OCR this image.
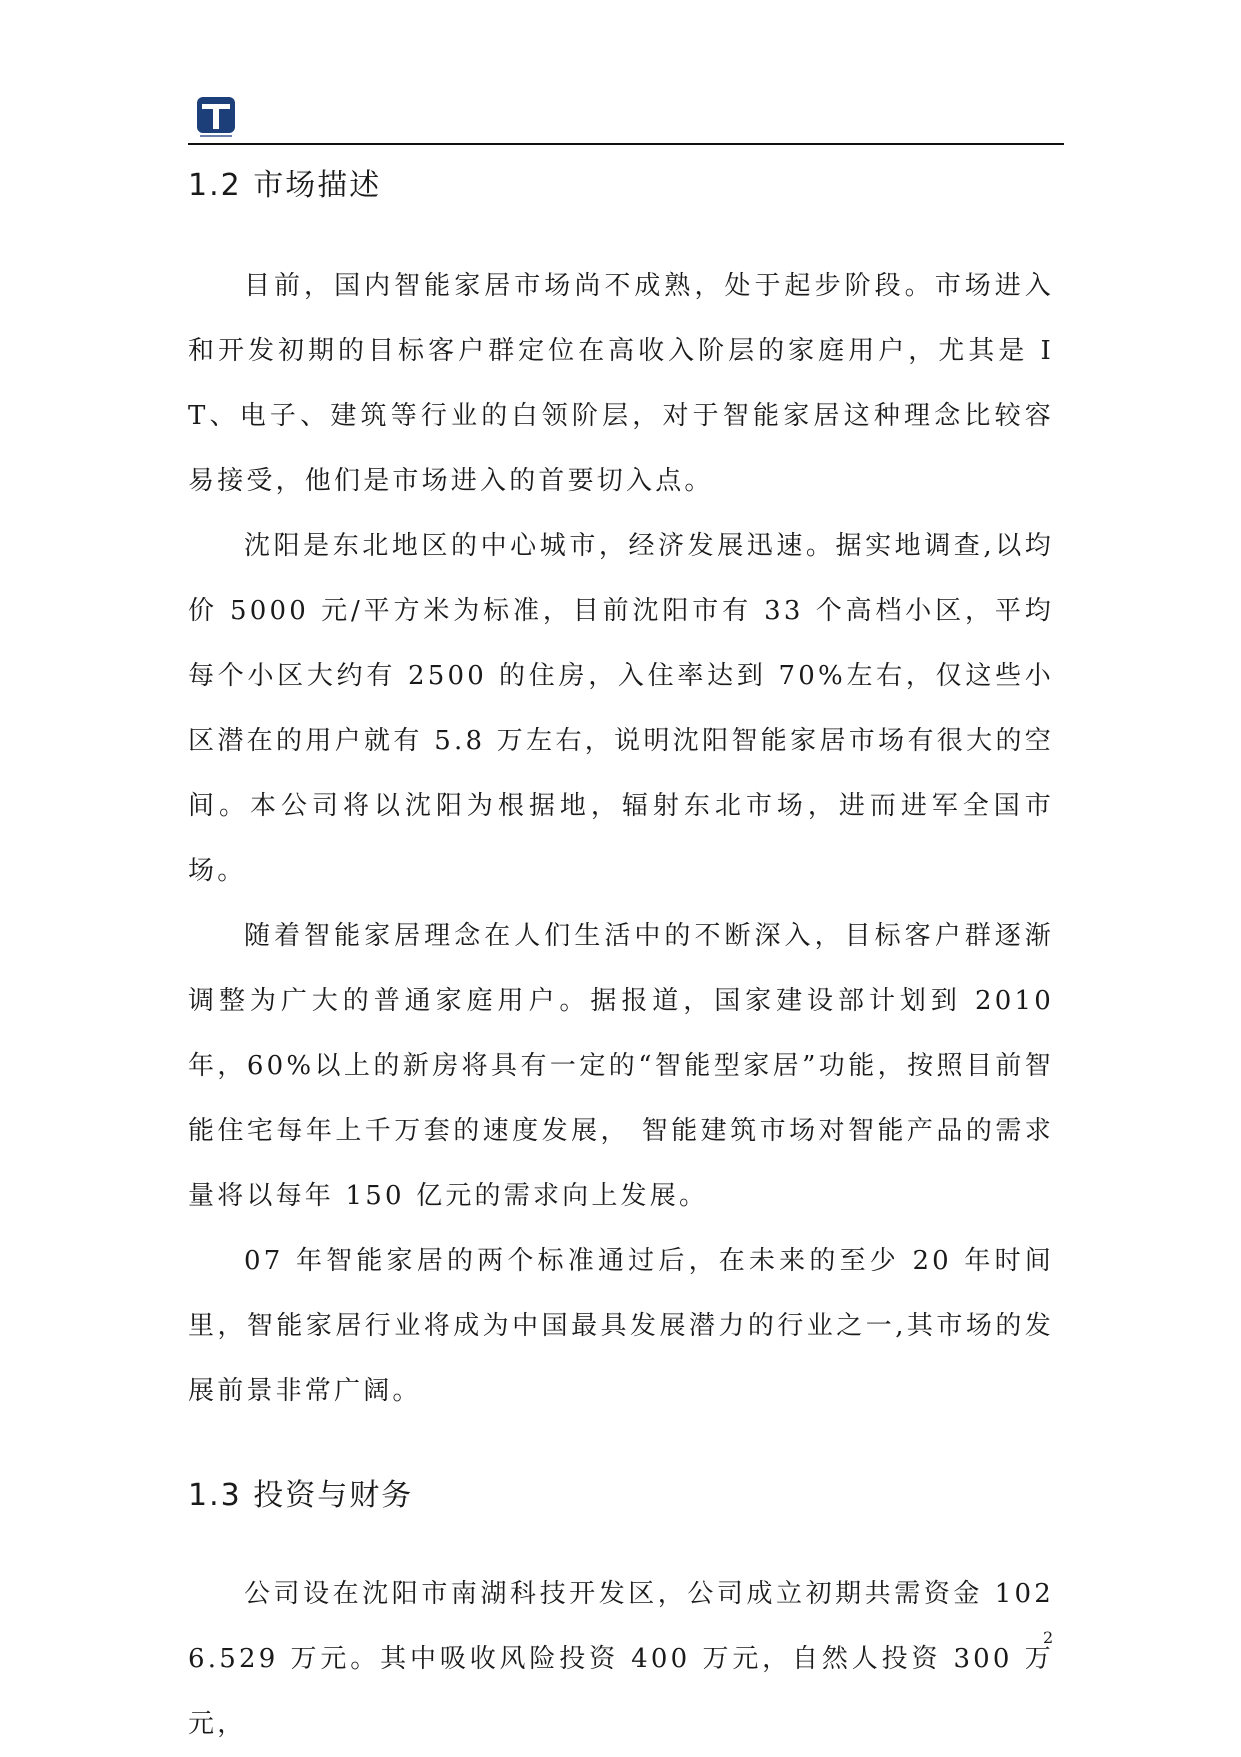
1.2 市场描述

目前，国内智能家居市场尚不成熟，处于起步阶段。市场进入和开发初期的目标客户群定位在高收入阶层的家庭用户，尤其是 IT、电子、建筑等行业的白领阶层，对于智能家居这种理念比较容易接受，他们是市场进入的首要切入点。

沈阳是东北地区的中心城市，经济发展迅速。据实地调查,以均价 5000 元/平方米为标准，目前沈阳市有 33 个高档小区，平均每个小区大约有 2500 的住房，入住率达到 70%左右，仅这些小区潜在的用户就有 5.8 万左右，说明沈阳智能家居市场有很大的空间。本公司将以沈阳为根据地，辐射东北市场，进而进军全国市场。

随着智能家居理念在人们生活中的不断深入，目标客户群逐渐调整为广大的普通家庭用户。据报道，国家建设部计划到 2010 年，60%以上的新房将具有一定的“智能型家居”功能，按照目前智能住宅每年上千万套的速度发展， 智能建筑市场对智能产品的需求量将以每年 150 亿元的需求向上发展。

07 年智能家居的两个标准通过后，在未来的至少 20 年时间里，智能家居行业将成为中国最具发展潜力的行业之一,其市场的发展前景非常广阔。

1.3 投资与财务

公司设在沈阳市南湖科技开发区，公司成立初期共需资金 1026.529 万元。其中吸收风险投资 400 万元，自然人投资 300 万元，

2
